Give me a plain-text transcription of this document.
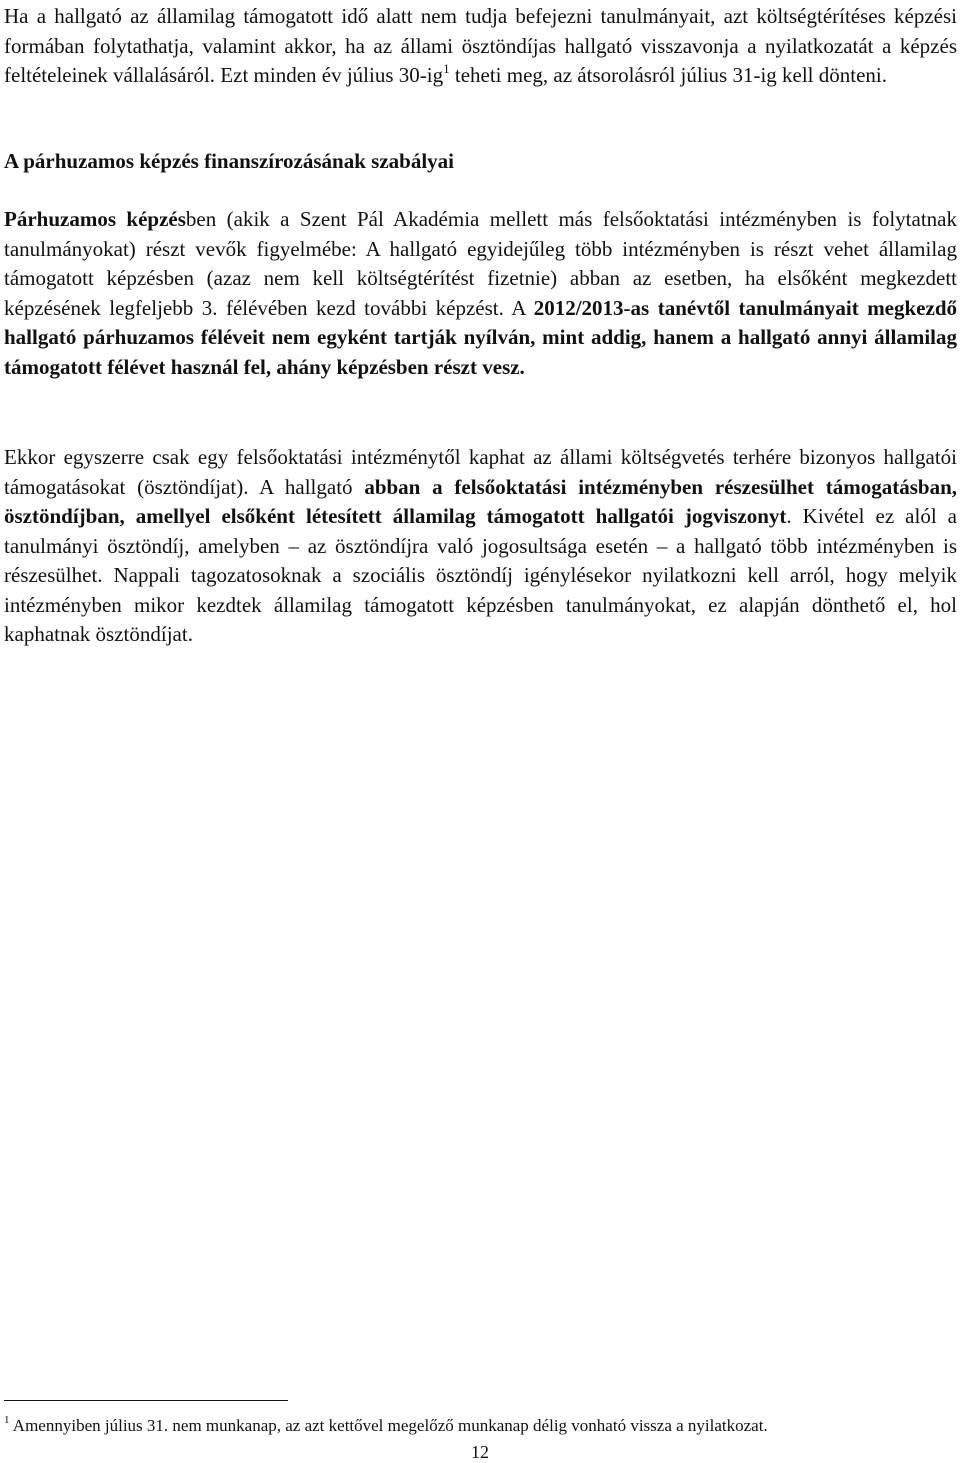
Ha a hallgató az államilag támogatott idő alatt nem tudja befejezni tanulmányait, azt költségtérítéses képzési formában folytathatja, valamint akkor, ha az állami ösztöndíjas hallgató visszavonja a nyilatkozatát a képzés feltételeinek vállalásáról. Ezt minden év július $30-ig^1$ teheti meg, az átsorolásról július 31-ig kell dönteni.

A párhuzamos képzés finanszírozásának szabályai

Párhuzamos képzésben (akik a Szent Pál Akadémia mellett más felsőoktatási intézményben is folytatnak tanulmányokat) részt vevők figyelmébe: A hallgató egyidejűleg több intézményben is részt vehet államilag támogatott képzésben (azaz nem kell költségtérítést fizetnie) abban az esetben, ha elsőként megkezdett képzésének legfeljebb 3. félévében kezd további képzést. A 2012/2013-as tanévtől tanulmányait megkezdő hallgató párhuzamos féléveit nem egyként tartják nyílván, mint addig, hanem a hallgató annyi államilag támogatott félévet használ fel, ahány képzésben részt vesz.

Ekkor egyszerre csak egy felsőoktatási intézménytől kaphat az állami költségvetés terhére bizonyos hallgatói támogatásokat (ösztöndíjat). A hallgató abban a felsőoktatási intézményben részesülhet támogatásban, ösztöndíjban, amellyel elsőként létesített államilag támogatott hallgatói jogviszonyt. Kivétel ez alól a tanulmányi ösztöndíj, amelyben – az ösztöndíjra való jogosultsága esetén – a hallgató több intézményben is részesülhet. Nappali tagozatosoknak a szociális ösztöndíj igénylésekor nyilatkozni kell arról, hogy melyik intézményben mikor kezdtek államilag támogatott képzésben tanulmányokat, ez alapján dönthető el, hol kaphatnak ösztöndíjat.

$^1$ Amennyiben július 31. nem munkanap, az azt kettővel megelőző munkanap délig vonható vissza a nyilatkozat.

12
